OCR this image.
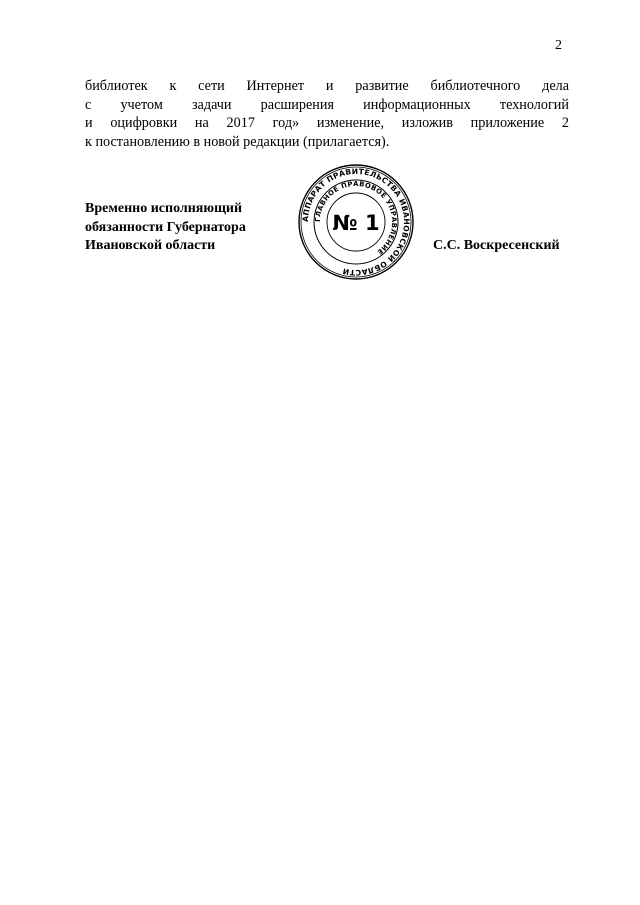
2
библиотек к сети Интернет и развитие библиотечного дела
с учетом задачи расширения информационных технологий
и оцифровки на 2017 год» изменение, изложив приложение 2
к постановлению в новой редакции (прилагается).
Временно исполняющий
обязанности Губернатора
Ивановской области
АППАРАТ ПРАВИТЕЛЬСТВА ИВАНОВСКОЙ ОБЛАСТИ
ГЛАВНОЕ ПРАВОВОЕ УПРАВЛЕНИЕ
№ 1
С.С. Воскресенский
